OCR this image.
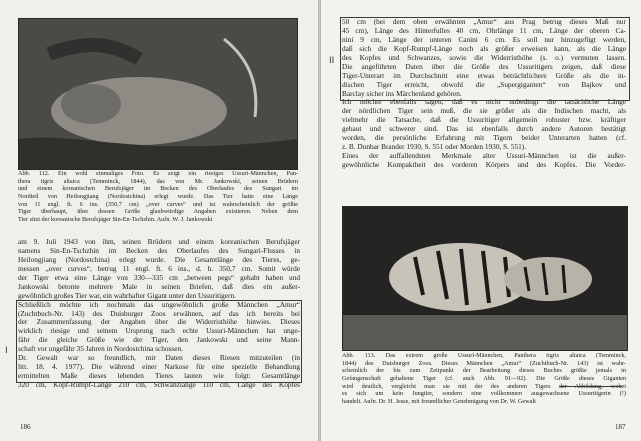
Abb. 112. Ein wohl einmaliges Foto. Es zeigt ein riesiges Ussuri-Männchen, Pan-
thera tigris altaica (Temminck, 1844), das von Mr. Jankowski, seinen Brüdern
und einem koreanischen Berufsjäger im Becken des Oberlaufes des Sungari im
Nordteil von Heilongjiang (Nordostchina) erlegt wurde. Das Tier hatte eine Länge
von 11 engl. ft. 6 ins. (350,7 cm) „over curves“ und ist wahrscheinlich der größte
Tiger überhaupt, über dessen Größe glaubwürdige Angaben existieren. Neben dem
Tier sitzt der koreanische Berufsjäger Sin-En-Tschzhin. Aufn. W. J. Jankowski
am 9. Juli 1943 von ihm, seinen Brüdern und einem koreanischen Berufsjäger
namens Sin-En-Tschzhin im Becken des Oberlaufes des Sungari-Flusses in
Heilongjiang (Nordostchina) erlegt wurde. Die Gesamtlänge des Tieres, ge-
messen „over curves“, betrug 11 engl. ft. 6 ins., d. h. 350,7 cm. Somit würde
der Tiger etwa eine Länge von 330—335 cm „between pegs“ gehabt haben und
Jankowski betonte mehrere Male in seinen Briefen, daß dies ein außer-
gewöhnlich großes Tier war, ein wahrhafter Gigant unter den Ussuritigern.
Schließlich möchte ich nochmals das ungewöhnlich große Männchen „Amur“
(Zuchtbuch-Nr. 143) des Duisburger Zoos erwähnen, auf das ich bereits bei
der Zusammenfassung der Angaben über die Widerristhöhe hinwies. Dieses
wirklich riesige und seinem Ursprung nach echte Ussuri-Männchen hat unge-
fähr die gleiche Größe wie der Tiger, den Jankowski und seine Mann-
schaft vor ungefähr 35 Jahren in Nordostchina schossen.
Dr. Gewalt war so freundlich, mir Daten dieses Riesen mitzuteilen (in
litt. 18. 4. 1977). Die während einer Narkose für eine spezielle Behandlung
ermittelten Maße dieses lebenden Tieres lauten wie folgt: Gesamtlänge
320 cm, Kopf-Rumpf-Länge 210 cm, Schwanzlänge 110 cm, Länge des Kopfes
I
186
50 cm (bei dem oben erwähnten „Amur“ aus Prag betrug dieses Maß nur
45 cm), Länge des Hinterfulles 40 cm, Ohrlänge 11 cm, Länge der oberen Ca-
nini 9 cm, Länge der unteren Canini 6 cm. Es soll nur hinzugefügt werden,
daß sich die Kopf-Rumpf-Länge noch als größer erweisen kann, als die Länge
des Kopfes und Schwanzes, sowie die Widerristhöhe (s. o.) vermuten lassen.
Die angeführten Daten über die Größe des Ussuritigers zeigen, daß diese
Tiger-Unterart im Durchschnitt eine etwas beträchtlichere Größe als die in-
dischen Tiger erreicht, obwohl die „Supergiganten“ von Bajkov und
Barclay sicher ins Märchenland gehören.
Ich möchte ebenfalls sagen, daß es nicht unbedingt die tatsächliche Länge
der nördlichen Tiger sein muß, die sie größer als die Indischen macht, als
vielmehr die Tatsache, daß die Ussuritiger allgemein robuster bzw. kräftiger
gebaut und schwerer sind. Das ist ebenfalls durch andere Autoren bestätigt
worden, die persönliche Erfahrung mit Tigern beider Unterarten hatten (cf.
z. B. Dunbar Brander 1930, S. 551 oder Morden 1930, S. 551).
Eines der auffallendsten Merkmale alter Ussuri-Männchen ist die außer-
gewöhnliche Kompaktheit des vorderen Körpers und des Kopfes. Die Vorder-
II
Abb. 113. Das extrem große Ussuri-Männchen, Panthera tigris altaica (Temminck,
1844) des Duisburger Zoos. Dieses Männchen „Amur“ (Zuchtbuch-Nr. 143) ist wahr-
scheinlich der bis zum Zeitpunkt der Bearbeitung dieses Buches größte jemals in
Gefangenschaft gehaltene Tiger (cf. auch Abb. 91—92). Die Größe dieses Giganten
wird deutlich, vergleicht man sie mit der des anderen Tigers der Abbildung, wobei
es sich um kein Jungtier, sondern eine vollkommen ausgewachsene Ussuritigerin (!)
handelt. Aufn. Dr. H. Jesse, mit freundlicher Genehmigung von Dr. W. Gewalt
187
